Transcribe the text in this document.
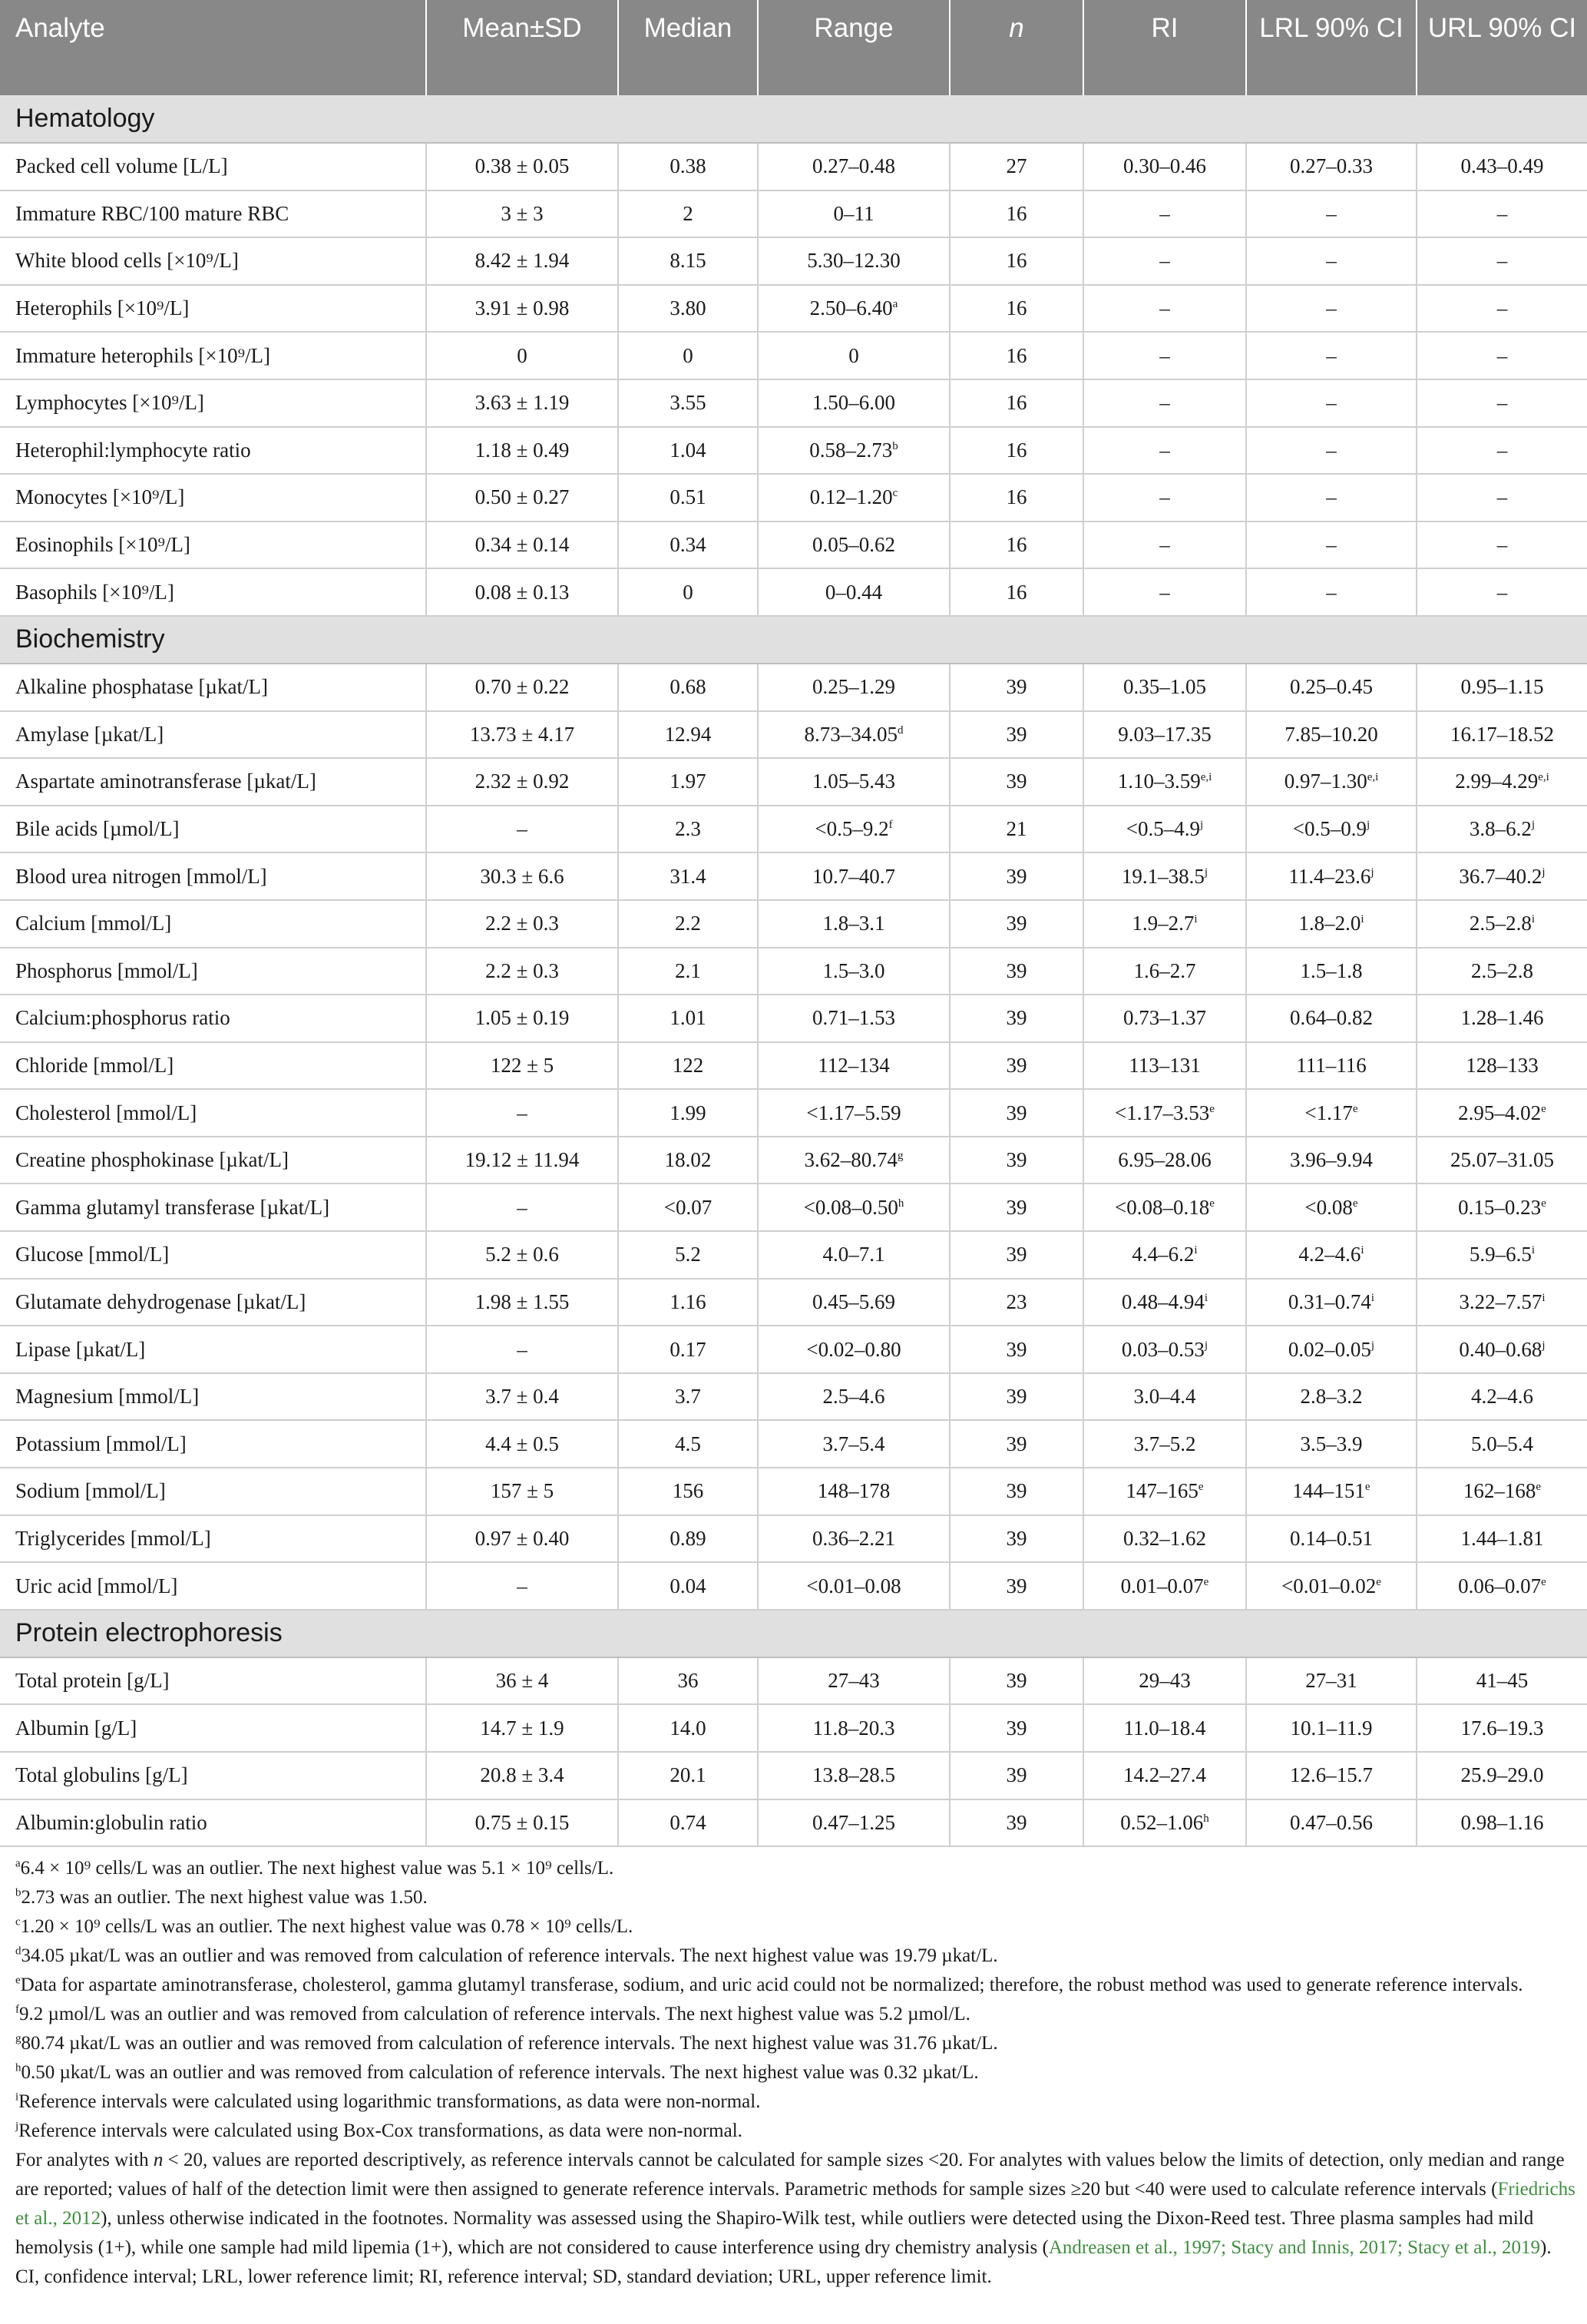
Analyte	Mean±SD	Median	Range	n	RI	LRL 90% CI	URL 90% CI
Hematology							
Packed cell volume [L/L]	0.38 ± 0.05	0.38	0.27–0.48	27	0.30–0.46	0.27–0.33	0.43–0.49
Immature RBC/100 mature RBC	3 ± 3	2	0–11	16	–	–	–
White blood cells [×10⁹/L]	8.42 ± 1.94	8.15	5.30–12.30	16	–	–	–
Heterophils [×10⁹/L]	3.91 ± 0.98	3.80	2.50–6.40$^a$	16	–	–	–
Immature heterophils [×10⁹/L]	0	0	0	16	–	–	–
Lymphocytes [×10⁹/L]	3.63 ± 1.19	3.55	1.50–6.00	16	–	–	–
Heterophil:lymphocyte ratio	1.18 ± 0.49	1.04	0.58–2.73$^b$	16	–	–	–
Monocytes [×10⁹/L]	0.50 ± 0.27	0.51	0.12–1.20$^c$	16	–	–	–
Eosinophils [×10⁹/L]	0.34 ± 0.14	0.34	0.05–0.62	16	–	–	–
Basophils [×10⁹/L]	0.08 ± 0.13	0	0–0.44	16	–	–	–
Biochemistry							
Alkaline phosphatase [µkat/L]	0.70 ± 0.22	0.68	0.25–1.29	39	0.35–1.05	0.25–0.45	0.95–1.15
Amylase [µkat/L]	13.73 ± 4.17	12.94	8.73–34.05$^d$	39	9.03–17.35	7.85–10.20	16.17–18.52
Aspartate aminotransferase [µkat/L]	2.32 ± 0.92	1.97	1.05–5.43	39	1.10–3.59$^{e,i}$	0.97–1.30$^{e,i}$	2.99–4.29$^{e,i}$
Bile acids [µmol/L]	–	2.3	<0.5–9.2$^f$	21	$<0.5-4.9^j$	$<0.5-0.9^j$	3.8–6.2$^j$
Blood urea nitrogen [mmol/L]	30.3 ± 6.6	31.4	10.7–40.7	39	19.1–38.5$^j$	11.4–23.6$^j$	36.7–40.2$^j$
Calcium [mmol/L]	2.2 ± 0.3	2.2	1.8–3.1	39	1.9–2.7$^i$	1.8–2.0$^i$	2.5–2.8$^i$
Phosphorus [mmol/L]	2.2 ± 0.3	2.1	1.5–3.0	39	1.6–2.7	1.5–1.8	2.5–2.8
Calcium:phosphorus ratio	1.05 ± 0.19	1.01	0.71–1.53	39	0.73–1.37	0.64–0.82	1.28–1.46
Chloride [mmol/L]	122 ± 5	122	112–134	39	113–131	111–116	128–133
Cholesterol [mmol/L]	–	1.99	<1.17–5.59	39	<1.17–3.53$^e$	<1.17$^e$	2.95–4.02e
Creatine phosphokinase [µkat/L]	19.12 ± 11.94	18.02	3.62–80.74$^g$	39	6.95–28.06	3.96–9.94	25.07–31.05
Gamma glutamyl transferase [µkat/L]	–	<0.07	<0.08–0.50$^h$	39	<0.08–0.18$^e$	<0.08$^e$	0.15–0.23e
Glucose [mmol/L]	5.2 ± 0.6	5.2	4.0–7.1	39	4.4–6.2$^i$	4.2–4.6$^i$	5.9–6.5$^i$
Glutamate dehydrogenase [µkat/L]	1.98 ± 1.55	1.16	0.45–5.69	23	0.48–4.94$^i$	0.31–0.74$^i$	3.22–7.57$^i$
Lipase [µkat/L]	–	0.17	<0.02–0.80	39	0.03–0.53$^j$	0.02–0.05$^j$	0.40–0.68$^j$
Magnesium [mmol/L]	3.7 ± 0.4	3.7	2.5–4.6	39	3.0–4.4	2.8–3.2	4.2–4.6
Potassium [mmol/L]	4.4 ± 0.5	4.5	3.7–5.4	39	3.7–5.2	3.5–3.9	5.0–5.4
Sodium [mmol/L]	157 ± 5	156	148–178	39	147–165e	144–151e	162–168e
Triglycerides [mmol/L]	0.97 ± 0.40	0.89	0.36–2.21	39	0.32–1.62	0.14–0.51	1.44–1.81
Uric acid [mmol/L]	–	0.04	<0.01–0.08	39	0.01–0.07$^e$	<0.01–0.02$^e$	0.06–0.07e
Protein electrophoresis							
Total protein [g/L]	36 ± 4	36	27–43	39	29–43	27–31	41–45
Albumin [g/L]	14.7 ± 1.9	14.0	11.8–20.3	39	11.0–18.4	10.1–11.9	17.6–19.3
Total globulins [g/L]	20.8 ± 3.4	20.1	13.8–28.5	39	14.2–27.4	12.6–15.7	25.9–29.0
Albumin:globulin ratio	0.75 ± 0.15	0.74	0.47–1.25	39	0.52–1.06$^h$	0.47–0.56	0.98–1.16

$^a$6.4 × 10⁹ cells/L was an outlier. The next highest value was 5.1 × 10⁹ cells/L.

$^b$2.73 was an outlier. The next highest value was 1.50.

$^c$1.20 × 10⁹ cells/L was an outlier. The next highest value was 0.78 × 10⁹ cells/L.

$^d$34.05 µkat/L was an outlier and was removed from calculation of reference intervals. The next highest value was 19.79 µkat/L.

$^e$Data for aspartate aminotransferase, cholesterol, gamma glutamyl transferase, sodium, and uric acid could not be normalized; therefore, the robust method was used to generate reference intervals.

$^f$9.2 µmol/L was an outlier and was removed from calculation of reference intervals. The next highest value was 5.2 µmol/L.

$^g$80.74 µkat/L was an outlier and was removed from calculation of reference intervals. The next highest value was 31.76 µkat/L.

$^h$0.50 µkat/L was an outlier and was removed from calculation of reference intervals. The next highest value was 0.32 µkat/L.

$^i$Reference intervals were calculated using logarithmic transformations, as data were non-normal.

$^j$Reference intervals were calculated using Box-Cox transformations, as data were non-normal.

For analytes with n < 20, values are reported descriptively, as reference intervals cannot be calculated for sample sizes <20. For analytes with values below the limits of detection, only median and range are reported; values of half of the detection limit were then assigned to generate reference intervals. Parametric methods for sample sizes ≥20 but <40 were used to calculate reference intervals (Friedrichs et al., 2012), unless otherwise indicated in the footnotes. Normality was assessed using the Shapiro-Wilk test, while outliers were detected using the Dixon-Reed test. Three plasma samples had mild hemolysis (1+), while one sample had mild lipemia (1+), which are not considered to cause interference using dry chemistry analysis (Andreasen et al., 1997; Stacy and Innis, 2017; Stacy et al., 2019). CI, confidence interval; LRL, lower reference limit; RI, reference interval; SD, standard deviation; URL, upper reference limit.
